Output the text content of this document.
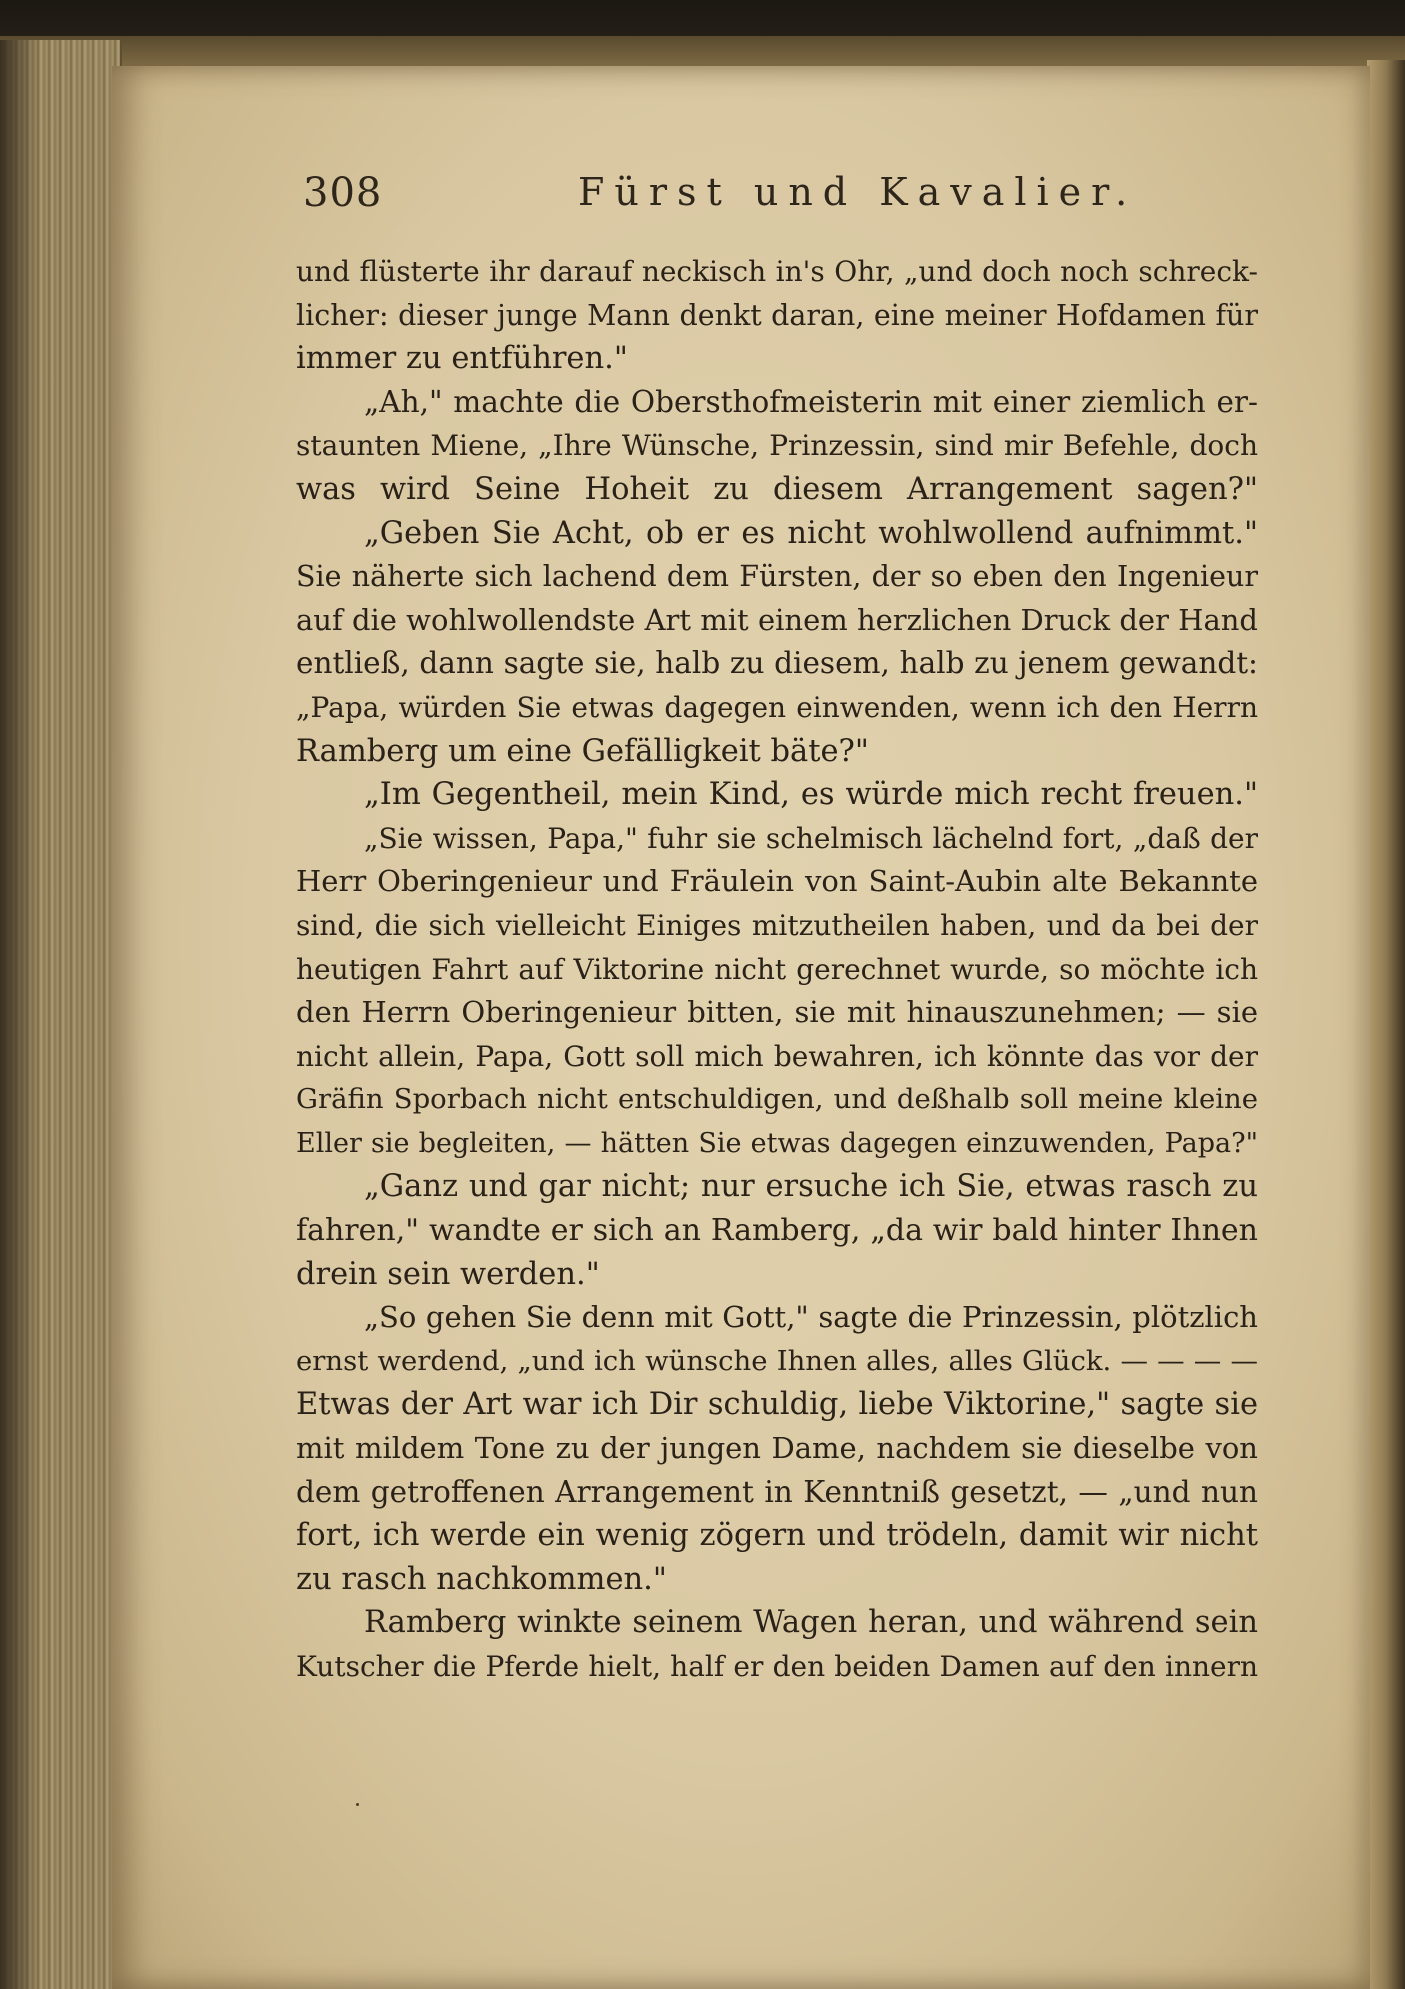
308	Fürst und Kavalier.
und flüsterte ihr darauf neckisch in's Ohr, „und doch noch schreck-
licher: dieser junge Mann denkt daran, eine meiner Hofdamen für
immer zu entführen."
„Ah," machte die Obersthofmeisterin mit einer ziemlich er-
staunten Miene, „Ihre Wünsche, Prinzessin, sind mir Befehle, doch
was wird Seine Hoheit zu diesem Arrangement sagen?"
„Geben Sie Acht, ob er es nicht wohlwollend aufnimmt."
Sie näherte sich lachend dem Fürsten, der so eben den Ingenieur
auf die wohlwollendste Art mit einem herzlichen Druck der Hand
entließ, dann sagte sie, halb zu diesem, halb zu jenem gewandt:
„Papa, würden Sie etwas dagegen einwenden, wenn ich den Herrn
Ramberg um eine Gefälligkeit bäte?"
„Im Gegentheil, mein Kind, es würde mich recht freuen."
„Sie wissen, Papa," fuhr sie schelmisch lächelnd fort, „daß der
Herr Oberingenieur und Fräulein von Saint-Aubin alte Bekannte
sind, die sich vielleicht Einiges mitzutheilen haben, und da bei der
heutigen Fahrt auf Viktorine nicht gerechnet wurde, so möchte ich
den Herrn Oberingenieur bitten, sie mit hinauszunehmen; — sie
nicht allein, Papa, Gott soll mich bewahren, ich könnte das vor der
Gräfin Sporbach nicht entschuldigen, und deßhalb soll meine kleine
Eller sie begleiten, — hätten Sie etwas dagegen einzuwenden, Papa?"
„Ganz und gar nicht; nur ersuche ich Sie, etwas rasch zu
fahren," wandte er sich an Ramberg, „da wir bald hinter Ihnen
drein sein werden."
„So gehen Sie denn mit Gott," sagte die Prinzessin, plötzlich
ernst werdend, „und ich wünsche Ihnen alles, alles Glück. — — — —
Etwas der Art war ich Dir schuldig, liebe Viktorine," sagte sie
mit mildem Tone zu der jungen Dame, nachdem sie dieselbe von
dem getroffenen Arrangement in Kenntniß gesetzt, — „und nun
fort, ich werde ein wenig zögern und trödeln, damit wir nicht
zu rasch nachkommen."
Ramberg winkte seinem Wagen heran, und während sein
Kutscher die Pferde hielt, half er den beiden Damen auf den innern
